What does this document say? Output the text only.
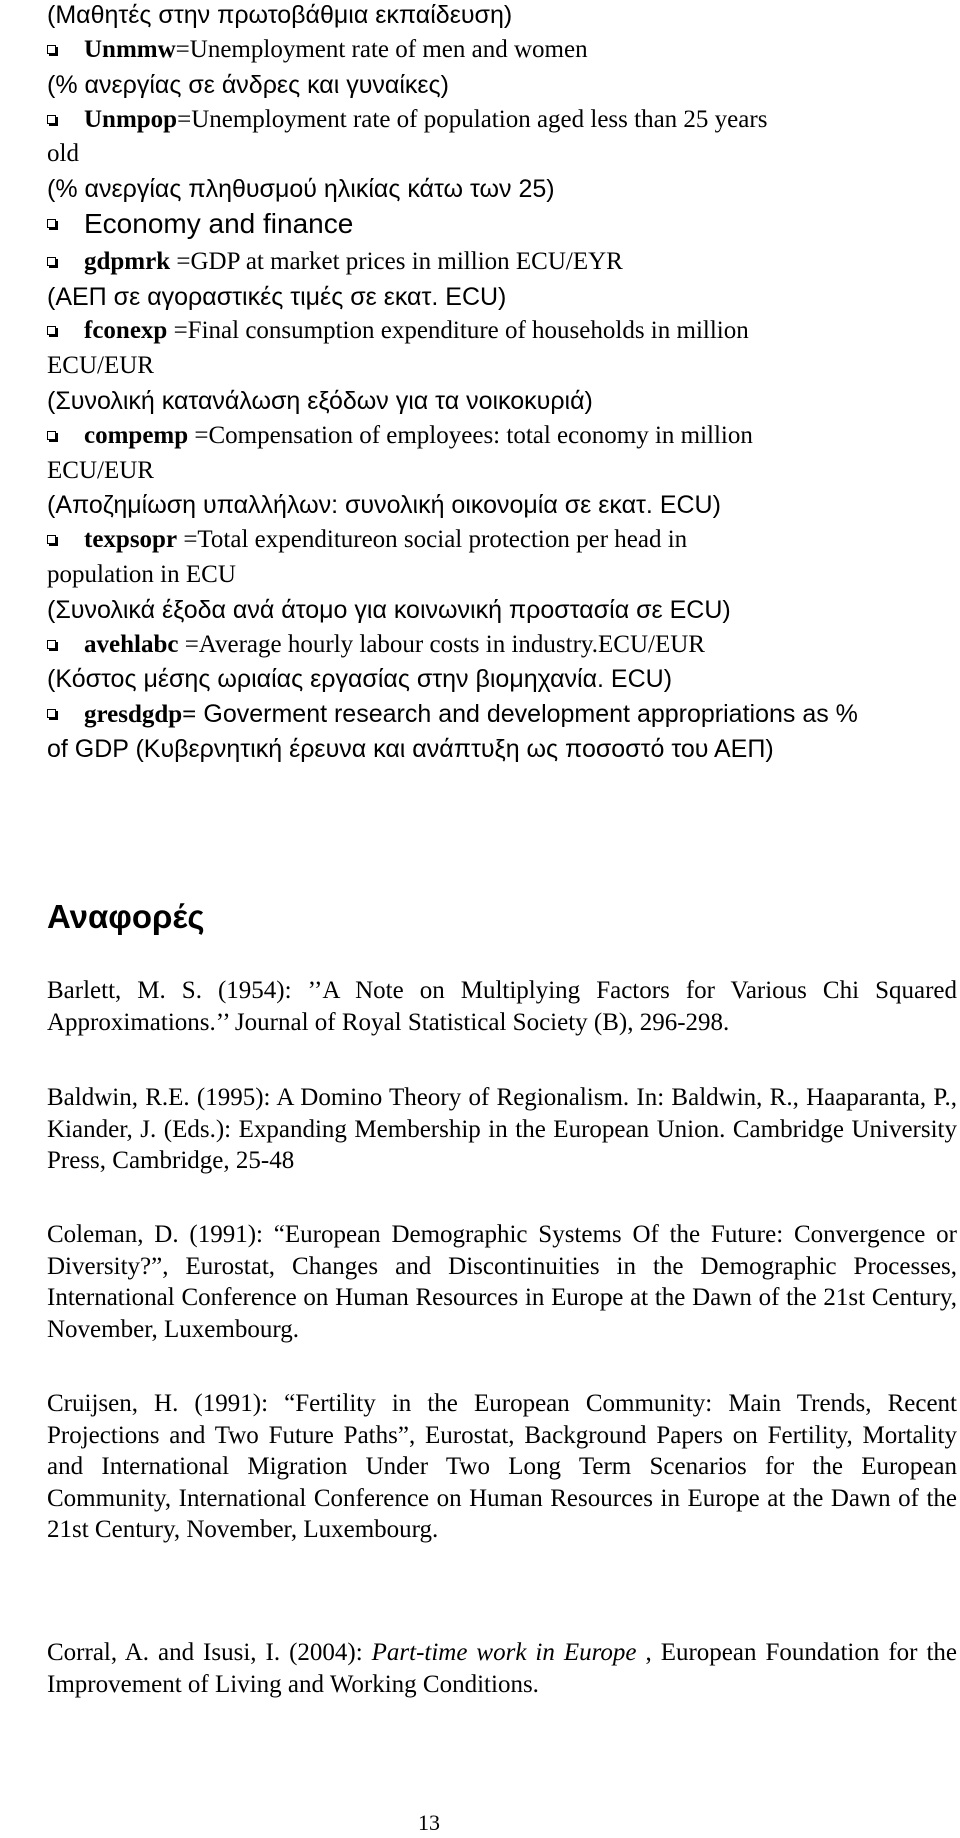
(Μαθητές στην πρωτοβάθμια εκπαίδευση)
Unmmw=Unemployment rate of men and women
(% ανεργίας σε άνδρες και γυναίκες)
Unmpop=Unemployment rate of population aged less than 25 years
old
(% ανεργίας πληθυσμού ηλικίας κάτω των 25)
Economy and finance
gdpmrk =GDP at market prices in million ECU/EYR
(ΑΕΠ σε αγοραστικές τιμές σε εκατ. ECU)
fconexp =Final consumption expenditure of households in million
ECU/EUR
(Συνολική κατανάλωση εξόδων για τα νοικοκυριά)
compemp =Compensation of employees: total economy in million
ECU/EUR
(Αποζημίωση υπαλλήλων: συνολική οικονομία σε εκατ. ECU)
texpsopr =Total expenditureon social protection per head in
population in ECU
(Συνολικά έξοδα ανά άτομο για κοινωνική προστασία σε ECU)
avehlabc =Average hourly labour costs in industry.ECU/EUR
(Κόστος μέσης ωριαίας εργασίας στην βιομηχανία. ECU)
gresdgdp= Goverment research and development appropriations as %
of GDP (Κυβερνητική έρευνα και ανάπτυξη ως ποσοστό του ΑΕΠ)
Αναφορές
Barlett, M. S. (1954): ’’A Note on Multiplying Factors for Various Chi Squared Approximations.’’ Journal of Royal Statistical Society (B), 296-298.
Baldwin, R.E. (1995): A Domino Theory of Regionalism. In: Baldwin, R., Haaparanta, P., Kiander, J. (Eds.): Expanding Membership in the European Union. Cambridge University Press, Cambridge, 25-48
Coleman, D. (1991): “European Demographic Systems Of the Future: Convergence or Diversity?”, Eurostat, Changes and Discontinuities in the Demographic Processes, International Conference on Human Resources in Europe at the Dawn of the 21st Century, November, Luxembourg.
Cruijsen, H. (1991): “Fertility in the European Community: Main Trends, Recent Projections and Two Future Paths”, Eurostat, Background Papers on Fertility, Mortality and International Migration Under Two Long Term Scenarios for the European Community, International Conference on Human Resources in Europe at the Dawn of the 21st Century, November, Luxembourg.
Corral, A. and Isusi, I. (2004): Part-time work in Europe , European Foundation for the Improvement of Living and Working Conditions.
13
